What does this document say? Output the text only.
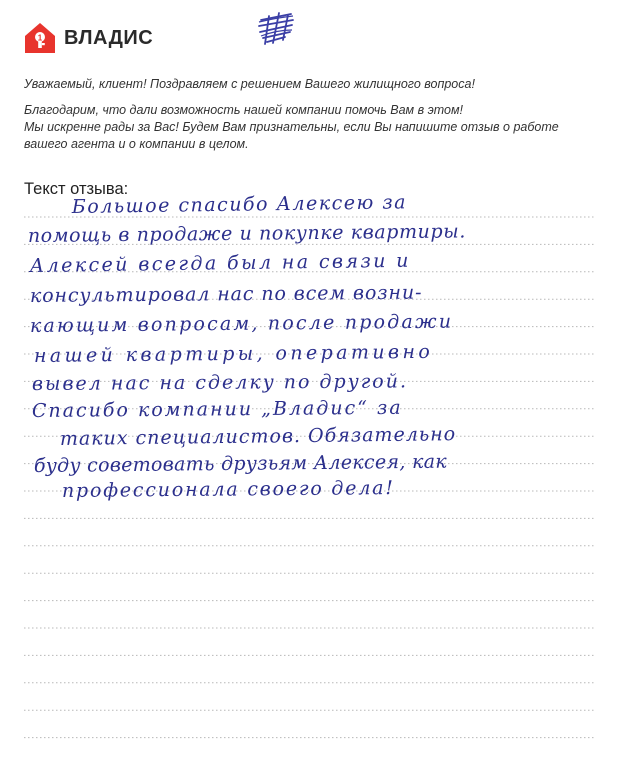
1 ВЛАДИС

Уважаемый, клиент! Поздравляем с решением Вашего жилищного вопроса!

Благодарим, что дали возможность нашей компании помочь Вам в этом!
Мы искренне рады за Вас! Будем Вам признательны, если Вы напишите отзыв о работе
вашего агента и о компании в целом.
Текст отзыва:
Большое спасибо Алексею за
помощь в продаже и покупке квартиры.
Алексей всегда был на связи и
консультировал нас по всем возни-
кающим вопросам, после продажи
нашей квартиры, оперативно
вывел нас на сделку по другой.
Спасибо компании „Владис“ за
таких специалистов. Обязательно
буду советовать друзьям Алексея, как
профессионала своего дела!
